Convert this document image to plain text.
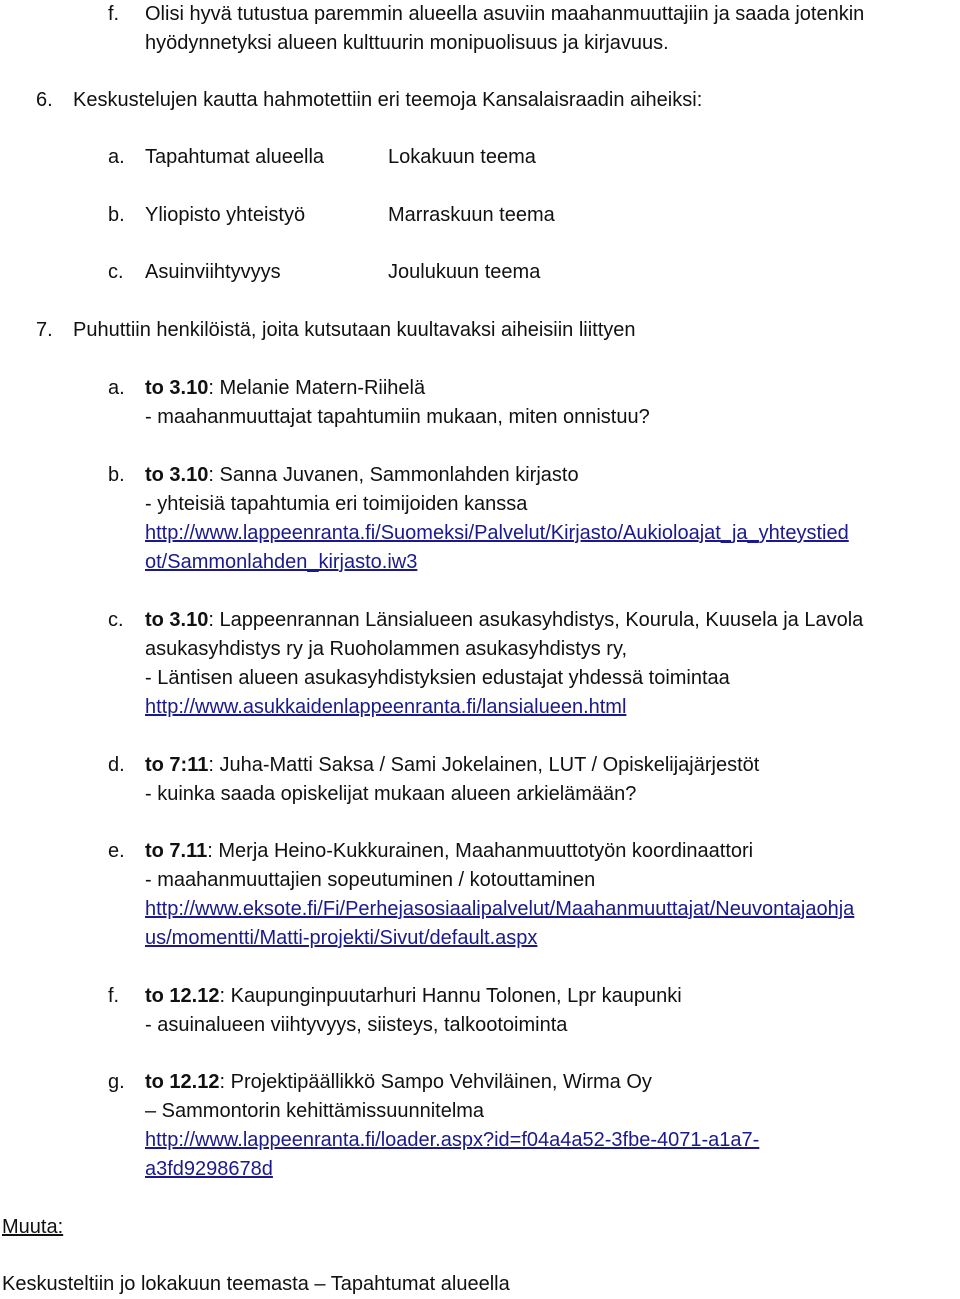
f. Olisi hyvä tutustua paremmin alueella asuviin maahanmuuttajiin ja saada jotenkin
hyödynnetyksi alueen kulttuurin monipuolisuus ja kirjavuus.
6. Keskustelujen kautta hahmotettiin eri teemoja Kansalaisraadin aiheiksi:
a. Tapahtumat alueella	Lokakuun teema
b. Yliopisto yhteistyö	Marraskuun teema
c. Asuinviihtyvyys	Joulukuun teema
7. Puhuttiin henkilöistä, joita kutsutaan kuultavaksi aiheisiin liittyen
a. to 3.10: Melanie Matern-Riihelä
- maahanmuuttajat tapahtumiin mukaan, miten onnistuu?
b. to 3.10: Sanna Juvanen, Sammonlahden kirjasto
- yhteisiä tapahtumia eri toimijoiden kanssa
http://www.lappeenranta.fi/Suomeksi/Palvelut/Kirjasto/Aukioloajat_ja_yhteystied
ot/Sammonlahden_kirjasto.iw3
c. to 3.10: Lappeenrannan Länsialueen asukasyhdistys, Kourula, Kuusela ja Lavola
asukasyhdistys ry ja Ruoholammen asukasyhdistys ry,
- Läntisen alueen asukasyhdistyksien edustajat yhdessä toimintaa
http://www.asukkaidenlappeenranta.fi/lansialueen.html
d. to 7:11: Juha-Matti Saksa / Sami Jokelainen, LUT / Opiskelijajärjestöt
- kuinka saada opiskelijat mukaan alueen arkielämään?
e. to 7.11: Merja Heino-Kukkurainen, Maahanmuuttotyön koordinaattori
- maahanmuuttajien sopeutuminen / kotouttaminen
http://www.eksote.fi/Fi/Perhejasosiaalipalvelut/Maahanmuuttajat/Neuvontajaohja
us/momentti/Matti-projekti/Sivut/default.aspx
f. to 12.12: Kaupunginpuutarhuri Hannu Tolonen, Lpr kaupunki
- asuinalueen viihtyvyys, siisteys, talkootoiminta
g. to 12.12: Projektipäällikkö Sampo Vehviläinen, Wirma Oy
– Sammontorin kehittämissuunnitelma
http://www.lappeenranta.fi/loader.aspx?id=f04a4a52-3fbe-4071-a1a7-
a3fd9298678d
Muuta:
Keskusteltiin jo lokakuun teemasta – Tapahtumat alueella
